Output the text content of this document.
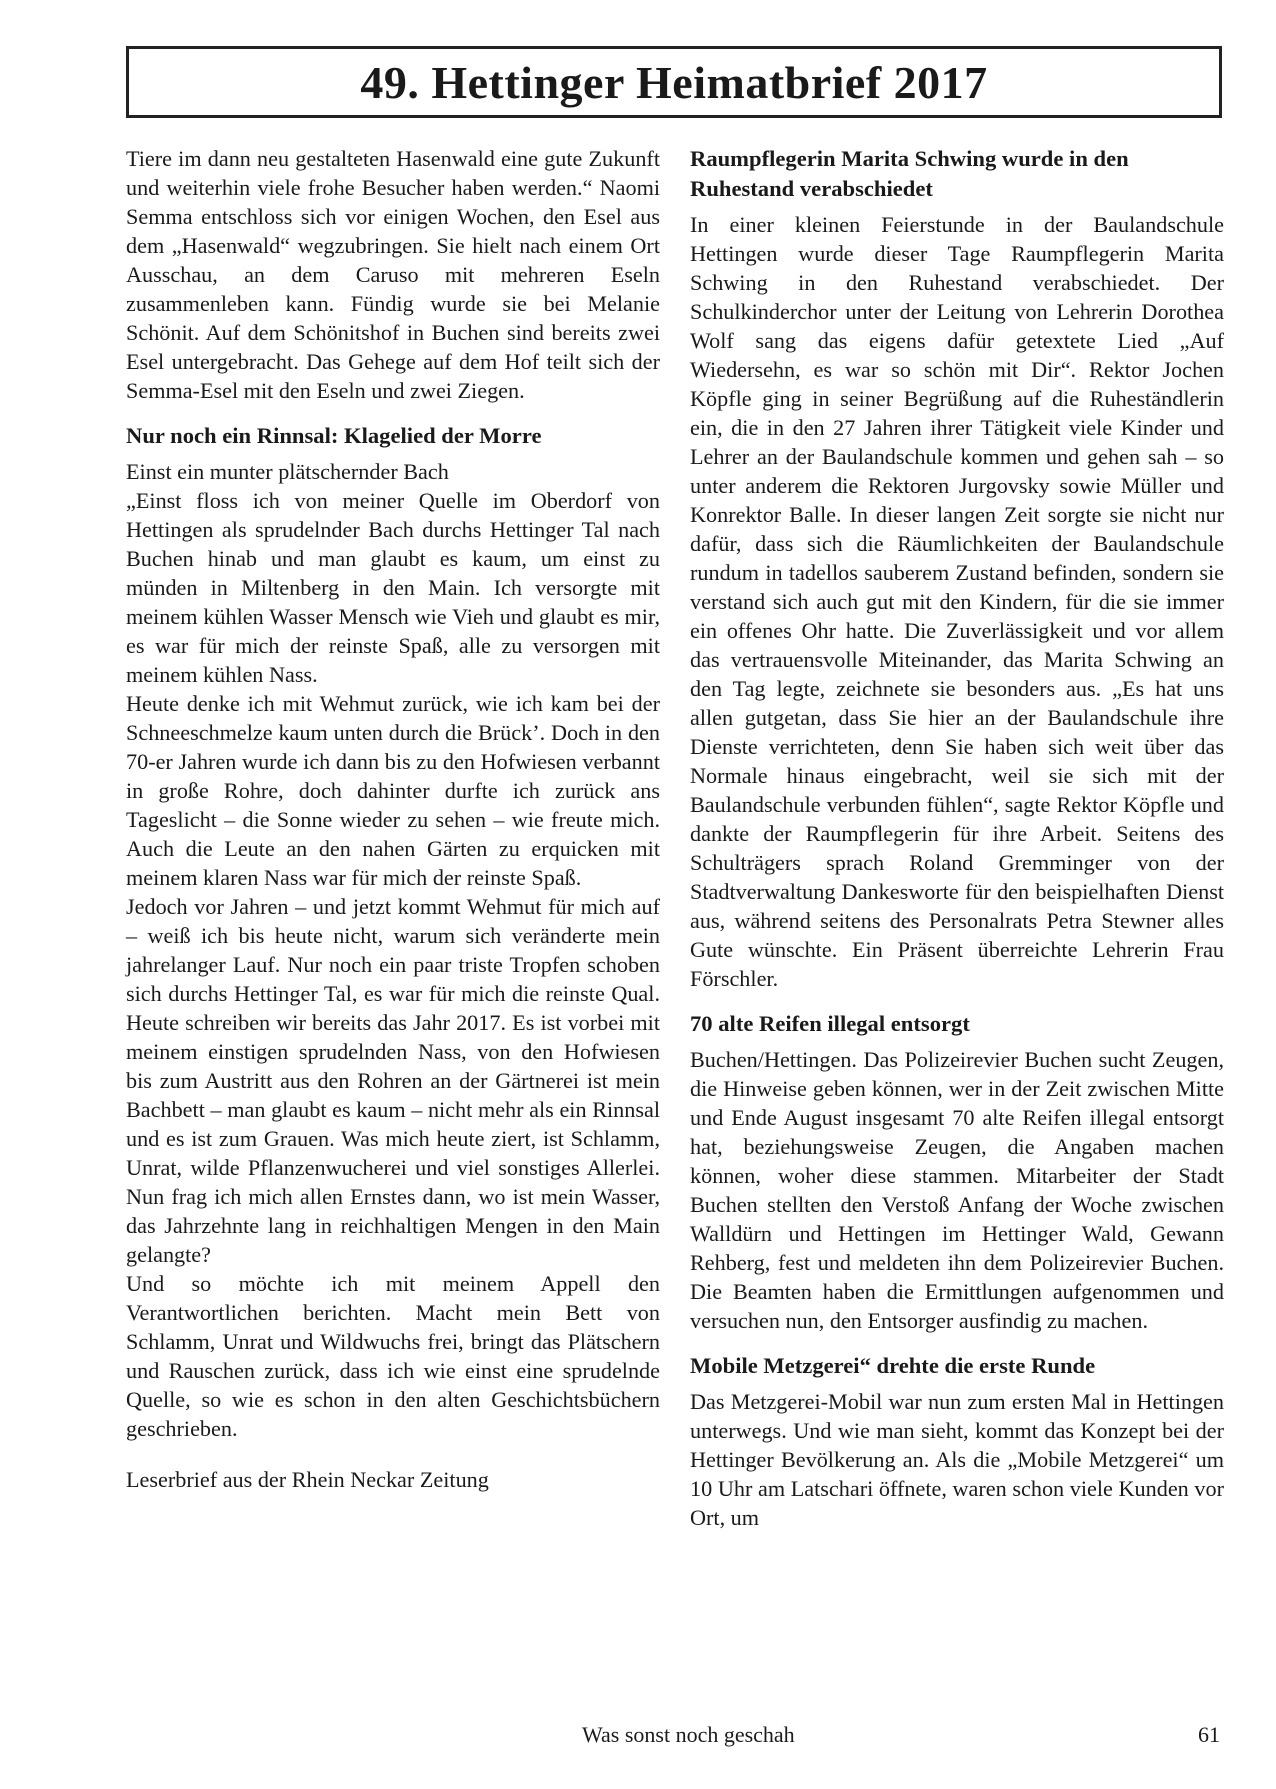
49. Hettinger Heimatbrief 2017

Tiere im dann neu gestalteten Hasenwald eine gute Zukunft und weiterhin viele frohe Besucher haben werden.“ Naomi Semma entschloss sich vor einigen Wochen, den Esel aus dem „Hasenwald“ wegzubringen. Sie hielt nach einem Ort Ausschau, an dem Caruso mit mehreren Eseln zusammenleben kann. Fündig wurde sie bei Melanie Schönit. Auf dem Schönitshof in Buchen sind bereits zwei Esel untergebracht. Das Gehege auf dem Hof teilt sich der Semma-Esel mit den Eseln und zwei Ziegen.

Nur noch ein Rinnsal: Klagelied der Morre

Einst ein munter plätschernder Bach

„Einst floss ich von meiner Quelle im Oberdorf von Hettingen als sprudelnder Bach durchs Hettinger Tal nach Buchen hinab und man glaubt es kaum, um einst zu münden in Miltenberg in den Main. Ich versorgte mit meinem kühlen Wasser Mensch wie Vieh und glaubt es mir, es war für mich der reinste Spaß, alle zu versorgen mit meinem kühlen Nass.

Heute denke ich mit Wehmut zurück, wie ich kam bei der Schneeschmelze kaum unten durch die Brück’. Doch in den 70-er Jahren wurde ich dann bis zu den Hofwiesen verbannt in große Rohre, doch dahinter durfte ich zurück ans Tageslicht – die Sonne wieder zu sehen – wie freute mich. Auch die Leute an den nahen Gärten zu erquicken mit meinem klaren Nass war für mich der reinste Spaß.

Jedoch vor Jahren – und jetzt kommt Wehmut für mich auf – weiß ich bis heute nicht, warum sich veränderte mein jahrelanger Lauf. Nur noch ein paar triste Tropfen schoben sich durchs Hettinger Tal, es war für mich die reinste Qual. Heute schreiben wir bereits das Jahr 2017. Es ist vorbei mit meinem einstigen sprudelnden Nass, von den Hofwiesen bis zum Austritt aus den Rohren an der Gärtnerei ist mein Bachbett – man glaubt es kaum – nicht mehr als ein Rinnsal und es ist zum Grauen. Was mich heute ziert, ist Schlamm, Unrat, wilde Pflanzenwucherei und viel sonstiges Allerlei. Nun frag ich mich allen Ernstes dann, wo ist mein Wasser, das Jahrzehnte lang in reichhaltigen Mengen in den Main gelangte?

Und so möchte ich mit meinem Appell den Verantwortlichen berichten. Macht mein Bett von Schlamm, Unrat und Wildwuchs frei, bringt das Plätschern und Rauschen zurück, dass ich wie einst eine sprudelnde Quelle, so wie es schon in den alten Geschichtsbüchern geschrieben.

Leserbrief aus der Rhein Neckar Zeitung

Raumpflegerin Marita Schwing wurde in den Ruhestand verabschiedet

In einer kleinen Feierstunde in der Baulandschule Hettingen wurde dieser Tage Raumpflegerin Marita Schwing in den Ruhestand verabschiedet. Der Schulkinderchor unter der Leitung von Lehrerin Dorothea Wolf sang das eigens dafür getextete Lied „Auf Wiedersehn, es war so schön mit Dir“. Rektor Jochen Köpfle ging in seiner Begrüßung auf die Ruheständlerin ein, die in den 27 Jahren ihrer Tätigkeit viele Kinder und Lehrer an der Baulandschule kommen und gehen sah – so unter anderem die Rektoren Jurgovsky sowie Müller und Konrektor Balle. In dieser langen Zeit sorgte sie nicht nur dafür, dass sich die Räumlichkeiten der Baulandschule rundum in tadellos sauberem Zustand befinden, sondern sie verstand sich auch gut mit den Kindern, für die sie immer ein offenes Ohr hatte. Die Zuverlässigkeit und vor allem das vertrauensvolle Miteinander, das Marita Schwing an den Tag legte, zeichnete sie besonders aus. „Es hat uns allen gutgetan, dass Sie hier an der Baulandschule ihre Dienste verrichteten, denn Sie haben sich weit über das Normale hinaus eingebracht, weil sie sich mit der Baulandschule verbunden fühlen“, sagte Rektor Köpfle und dankte der Raumpflegerin für ihre Arbeit. Seitens des Schulträgers sprach Roland Gremminger von der Stadtverwaltung Dankesworte für den beispielhaften Dienst aus, während seitens des Personalrats Petra Stewner alles Gute wünschte. Ein Präsent überreichte Lehrerin Frau Förschler.

70 alte Reifen illegal entsorgt

Buchen/Hettingen. Das Polizeirevier Buchen sucht Zeugen, die Hinweise geben können, wer in der Zeit zwischen Mitte und Ende August insgesamt 70 alte Reifen illegal entsorgt hat, beziehungsweise Zeugen, die Angaben machen können, woher diese stammen. Mitarbeiter der Stadt Buchen stellten den Verstoß Anfang der Woche zwischen Walldürn und Hettingen im Hettinger Wald, Gewann Rehberg, fest und meldeten ihn dem Polizeirevier Buchen. Die Beamten haben die Ermittlungen aufgenommen und versuchen nun, den Entsorger ausfindig zu machen.

Mobile Metzgerei“ drehte die erste Runde

Das Metzgerei-Mobil war nun zum ersten Mal in Hettingen unterwegs. Und wie man sieht, kommt das Konzept bei der Hettinger Bevölkerung an. Als die „Mobile Metzgerei“ um 10 Uhr am Latschari öffnete, waren schon viele Kunden vor Ort, um

Was sonst noch geschah	61
